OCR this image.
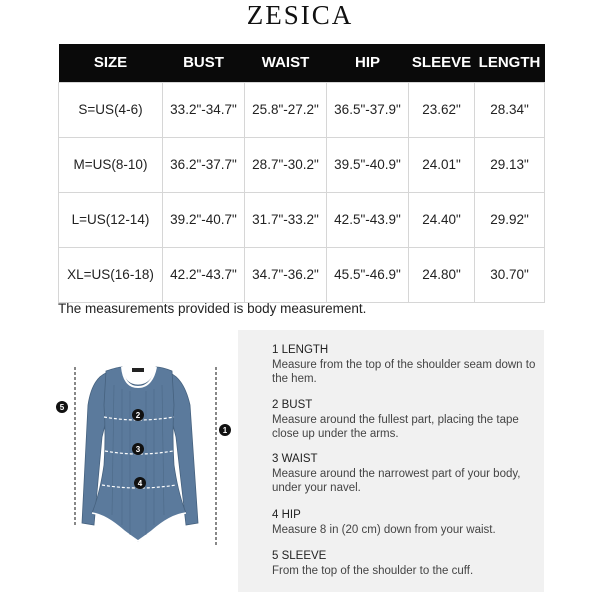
ZESICA
SIZE	BUST	WAIST	HIP	SLEEVE	LENGTH
S=US(4-6)	33.2"-34.7"	25.8"-27.2"	36.5"-37.9"	23.62"	28.34"
M=US(8-10)	36.2"-37.7"	28.7"-30.2"	39.5"-40.9"	24.01"	29.13"
L=US(12-14)	39.2"-40.7"	31.7"-33.2"	42.5"-43.9"	24.40"	29.92"
XL=US(16-18)	42.2"-43.7"	34.7"-36.2"	45.5"-46.9"	24.80"	30.70"
The measurements provided is body measurement.
5
2
3
4
1
1 LENGTH
Measure from the top of the shoulder seam down to the hem.
2 BUST
Measure around the fullest part, placing the tape close up under the arms.
3 WAIST
Measure around the narrowest part of your body, under your navel.
4 HIP
Measure 8 in (20 cm) down from your waist.
5 SLEEVE
From the top of the shoulder to the cuff.
